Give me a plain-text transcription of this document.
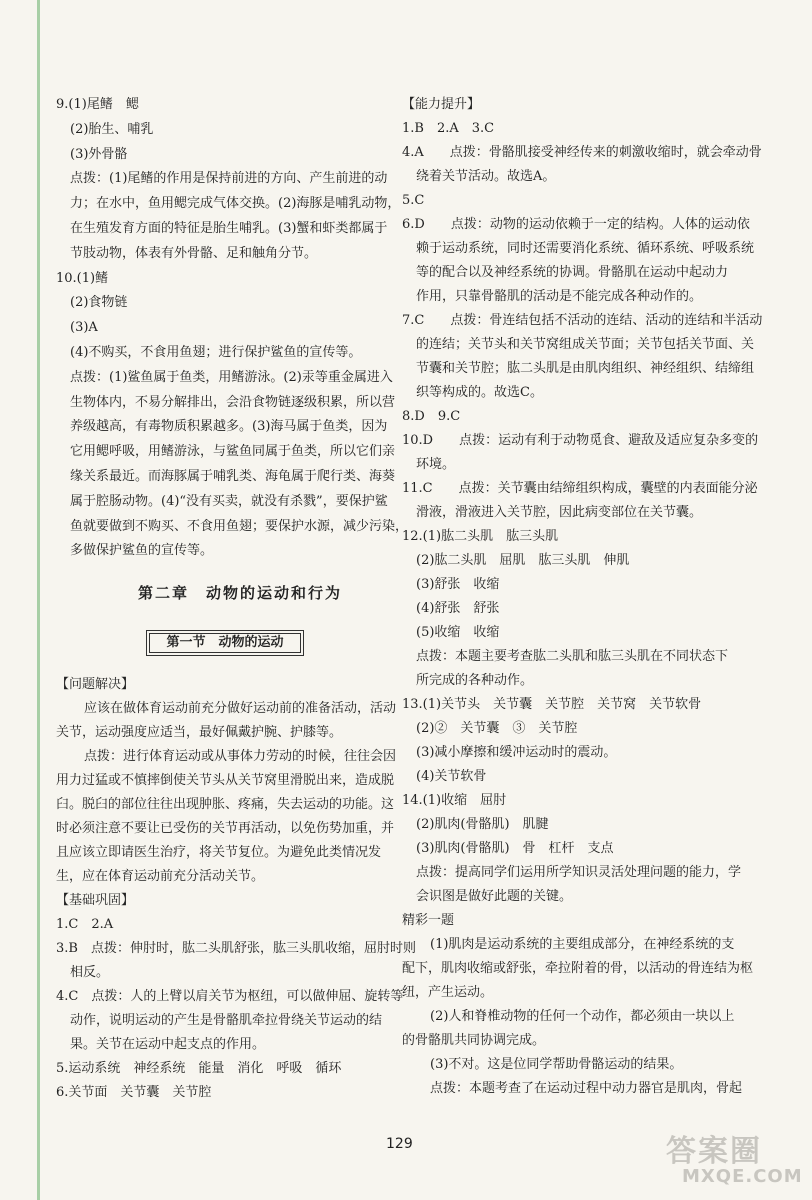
9.(1)尾鳍　鳃
(2)胎生、哺乳
(3)外骨骼
点拨：(1)尾鳍的作用是保持前进的方向、产生前进的动
力；在水中，鱼用鳃完成气体交换。(2)海豚是哺乳动物，
在生殖发育方面的特征是胎生哺乳。(3)蟹和虾类都属于
节肢动物，体表有外骨骼、足和触角分节。
10.(1)鳍
(2)食物链
(3)A
(4)不购买，不食用鱼翅；进行保护鲨鱼的宣传等。
点拨：(1)鲨鱼属于鱼类，用鳍游泳。(2)汞等重金属进入
生物体内，不易分解排出，会沿食物链逐级积累，所以营
养级越高，有毒物质积累越多。(3)海马属于鱼类，因为
它用鳃呼吸，用鳍游泳，与鲨鱼同属于鱼类，所以它们亲
缘关系最近。而海豚属于哺乳类、海龟属于爬行类、海葵
属于腔肠动物。(4)“没有买卖，就没有杀戮”，要保护鲨
鱼就要做到不购买、不食用鱼翅；要保护水源，减少污染，
多做保护鲨鱼的宣传等。
第二章　动物的运动和行为
第一节　动物的运动
【问题解决】
应该在做体育运动前充分做好运动前的准备活动，活动
关节，运动强度应适当，最好佩戴护腕、护膝等。
点拨：进行体育运动或从事体力劳动的时候，往往会因
用力过猛或不慎摔倒使关节头从关节窝里滑脱出来，造成脱
臼。脱臼的部位往往出现肿胀、疼痛，失去运动的功能。这
时必须注意不要让已受伤的关节再活动，以免伤势加重，并
且应该立即请医生治疗，将关节复位。为避免此类情况发
生，应在体育运动前充分活动关节。
【基础巩固】
1.C　2.A
3.B　点拨：伸肘时，肱二头肌舒张，肱三头肌收缩，屈肘时则
相反。
4.C　点拨：人的上臂以肩关节为枢纽，可以做伸屈、旋转等
动作，说明运动的产生是骨骼肌牵拉骨绕关节运动的结
果。关节在运动中起支点的作用。
5.运动系统　神经系统　能量　消化　呼吸　循环
6.关节面　关节囊　关节腔
【能力提升】
1.B　2.A　3.C
4.A　　点拨：骨骼肌接受神经传来的刺激收缩时，就会牵动骨
绕着关节活动。故选A。
5.C
6.D　　点拨：动物的运动依赖于一定的结构。人体的运动依
赖于运动系统，同时还需要消化系统、循环系统、呼吸系统
等的配合以及神经系统的协调。骨骼肌在运动中起动力
作用，只靠骨骼肌的活动是不能完成各种动作的。
7.C　　点拨：骨连结包括不活动的连结、活动的连结和半活动
的连结；关节头和关节窝组成关节面；关节包括关节面、关
节囊和关节腔；肱二头肌是由肌肉组织、神经组织、结缔组
织等构成的。故选C。
8.D　9.C
10.D　　点拨：运动有利于动物觅食、避敌及适应复杂多变的
环境。
11.C　　点拨：关节囊由结缔组织构成，囊壁的内表面能分泌
滑液，滑液进入关节腔，因此病变部位在关节囊。
12.(1)肱二头肌　肱三头肌
(2)肱二头肌　屈肌　肱三头肌　伸肌
(3)舒张　收缩
(4)舒张　舒张
(5)收缩　收缩
点拨：本题主要考查肱二头肌和肱三头肌在不同状态下
所完成的各种动作。
13.(1)关节头　关节囊　关节腔　关节窝　关节软骨
(2)②　关节囊　③　关节腔
(3)减小摩擦和缓冲运动时的震动。
(4)关节软骨
14.(1)收缩　屈肘
(2)肌肉(骨骼肌)　肌腱
(3)肌肉(骨骼肌)　骨　杠杆　支点
点拨：提高同学们运用所学知识灵活处理问题的能力，学
会识图是做好此题的关键。
精彩一题
(1)肌肉是运动系统的主要组成部分，在神经系统的支
配下，肌肉收缩或舒张，牵拉附着的骨，以活动的骨连结为枢
纽，产生运动。
(2)人和脊椎动物的任何一个动作，都必须由一块以上
的骨骼肌共同协调完成。
(3)不对。这是位同学帮助骨骼运动的结果。
点拨：本题考查了在运动过程中动力器官是肌肉，骨起
129	答案圈
MXQE.COM
